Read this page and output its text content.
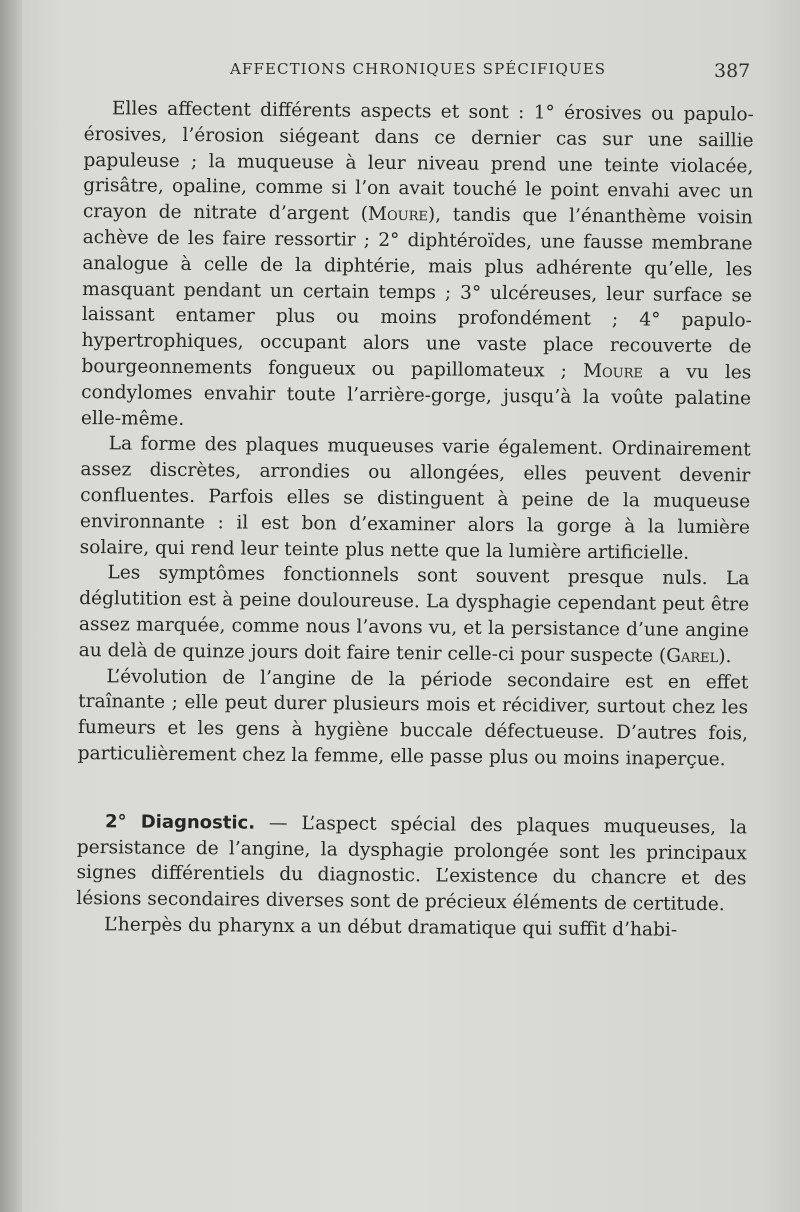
AFFECTIONS CHRONIQUES SPÉCIFIQUES	387

Elles affectent différents aspects et sont : 1° érosives ou papulo-érosives, l’érosion siégeant dans ce dernier cas sur une saillie papuleuse ; la muqueuse à leur niveau prend une teinte violacée, grisâtre, opaline, comme si l’on avait touché le point envahi avec un crayon de nitrate d’argent (Moure), tandis que l’énanthème voisin achève de les faire ressortir ; 2° diphtéroïdes, une fausse membrane analogue à celle de la diphtérie, mais plus adhérente qu’elle, les masquant pendant un certain temps ; 3° ulcéreuses, leur surface se laissant entamer plus ou moins profondément ; 4° papulo-hypertrophiques, occupant alors une vaste place recouverte de bourgeonnements fongueux ou papillomateux ; Moure a vu les condylomes envahir toute l’arrière-gorge, jusqu’à la voûte palatine elle-même.

La forme des plaques muqueuses varie également. Ordinairement assez discrètes, arrondies ou allongées, elles peuvent devenir confluentes. Parfois elles se distinguent à peine de la muqueuse environnante : il est bon d’examiner alors la gorge à la lumière solaire, qui rend leur teinte plus nette que la lumière artificielle.

Les symptômes fonctionnels sont souvent presque nuls. La déglutition est à peine douloureuse. La dysphagie cependant peut être assez marquée, comme nous l’avons vu, et la persistance d’une angine au delà de quinze jours doit faire tenir celle-ci pour suspecte (Garel).

L’évolution de l’angine de la période secondaire est en effet traînante ; elle peut durer plusieurs mois et récidiver, surtout chez les fumeurs et les gens à hygiène buccale défectueuse. D’autres fois, particulièrement chez la femme, elle passe plus ou moins inaperçue.

2° Diagnostic. — L’aspect spécial des plaques muqueuses, la persistance de l’angine, la dysphagie prolongée sont les principaux signes différentiels du diagnostic. L’existence du chancre et des lésions secondaires diverses sont de précieux éléments de certitude.

L’herpès du pharynx a un début dramatique qui suffit d’habi-
